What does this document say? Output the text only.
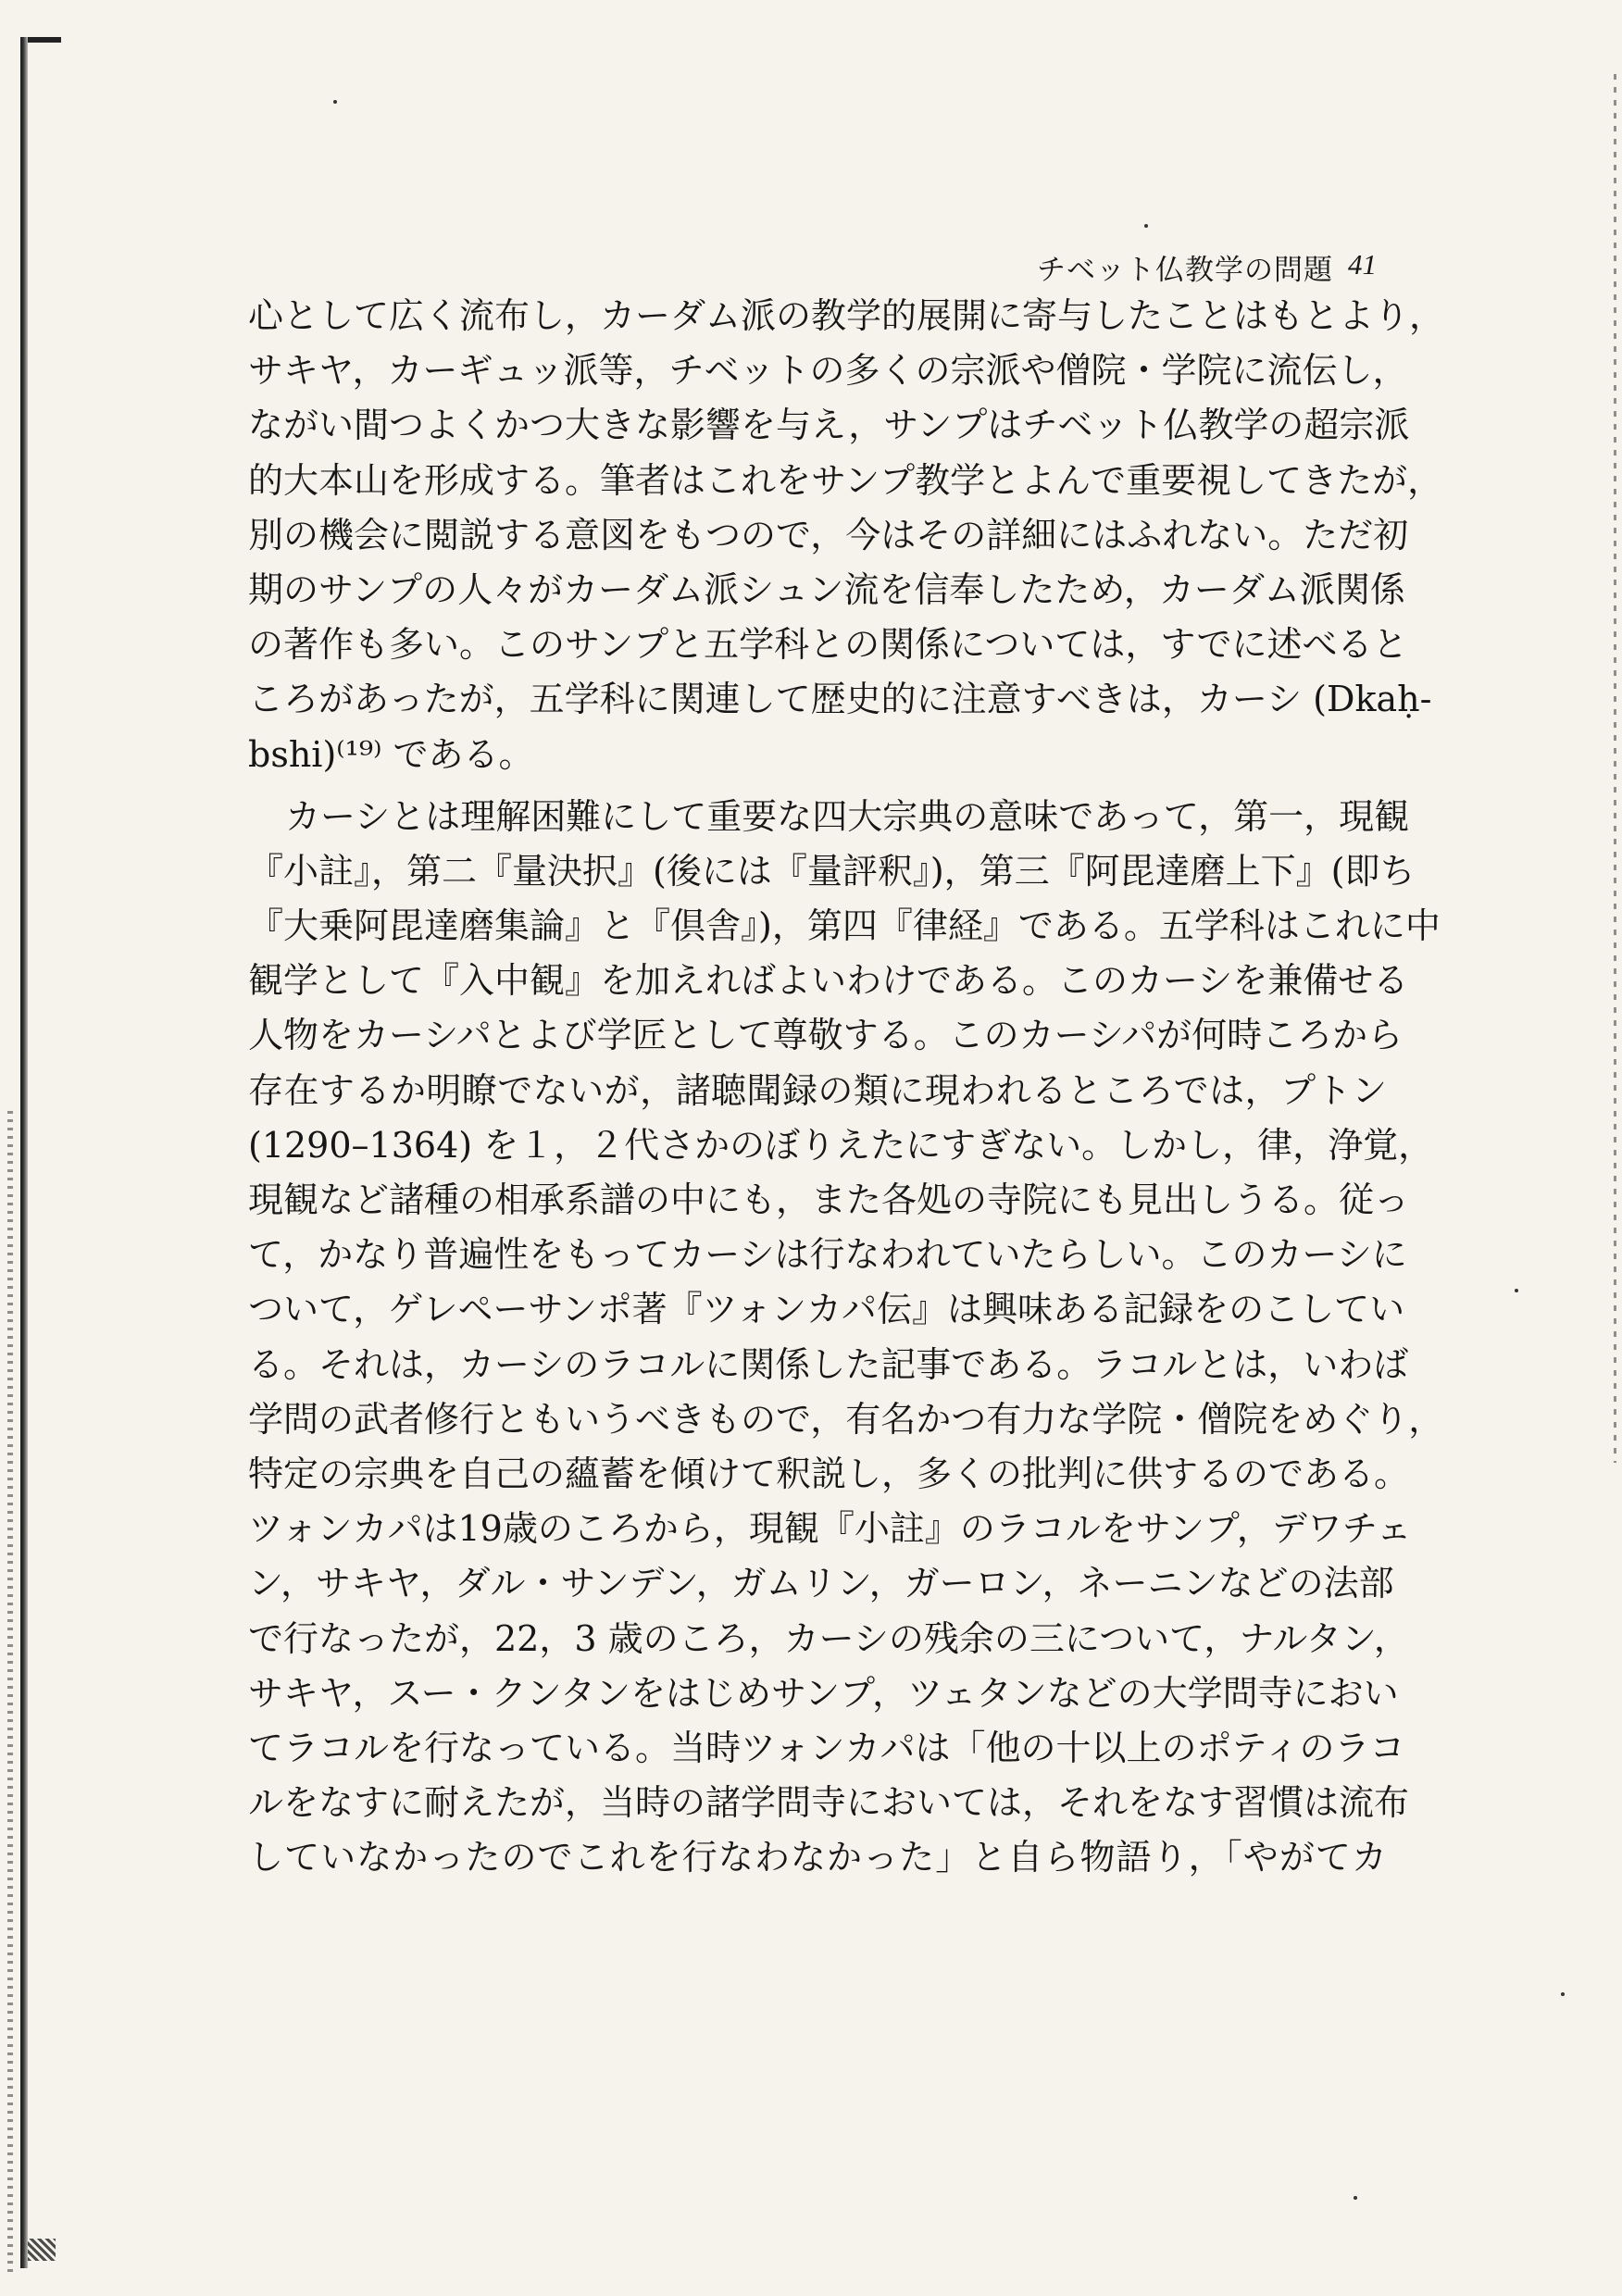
チベット仏教学の問題 41
心として広く流布し，カーダム派の教学的展開に寄与したことはもとより，
サキヤ，カーギュッ派等，チベットの多くの宗派や僧院・学院に流伝し，
ながい間つよくかつ大きな影響を与え，サンプはチベット仏教学の超宗派
的大本山を形成する。筆者はこれをサンプ教学とよんで重要視してきたが，
別の機会に閲説する意図をもつので，今はその詳細にはふれない。ただ初
期のサンプの人々がカーダム派シュン流を信奉したため，カーダム派関係
の著作も多い。このサンプと五学科との関係については，すでに述べると
ころがあったが，五学科に関連して歴史的に注意すべきは，カーシ (Dkaḥ-
bshi)⁽¹⁹⁾ である。
カーシとは理解困難にして重要な四大宗典の意味であって，第一，現観
『小註』，第二『量決択』(後には『量評釈』)，第三『阿毘達磨上下』(即ち
『大乗阿毘達磨集論』と『倶舎』)，第四『律経』である。五学科はこれに中
観学として『入中観』を加えればよいわけである。このカーシを兼備せる
人物をカーシパとよび学匠として尊敬する。このカーシパが何時ころから
存在するか明瞭でないが，諸聴聞録の類に現われるところでは，プトン
(1290–1364) を１，２代さかのぼりえたにすぎない。しかし，律，浄覚，
現観など諸種の相承系譜の中にも，また各処の寺院にも見出しうる。従っ
て，かなり普遍性をもってカーシは行なわれていたらしい。このカーシに
ついて，ゲレペーサンポ著『ツォンカパ伝』は興味ある記録をのこしてい
る。それは，カーシのラコルに関係した記事である。ラコルとは，いわば
学問の武者修行ともいうべきもので，有名かつ有力な学院・僧院をめぐり，
特定の宗典を自己の蘊蓄を傾けて釈説し，多くの批判に供するのである。
ツォンカパは19歳のころから，現観『小註』のラコルをサンプ，デワチェ
ン，サキヤ，ダル・サンデン，ガムリン，ガーロン，ネーニンなどの法部
で行なったが，22，3 歳のころ，カーシの残余の三について，ナルタン，
サキヤ，スー・クンタンをはじめサンプ，ツェタンなどの大学問寺におい
てラコルを行なっている。当時ツォンカパは「他の十以上のポティのラコ
ルをなすに耐えたが，当時の諸学問寺においては，それをなす習慣は流布
していなかったのでこれを行なわなかった」と自ら物語り，「やがてカ
